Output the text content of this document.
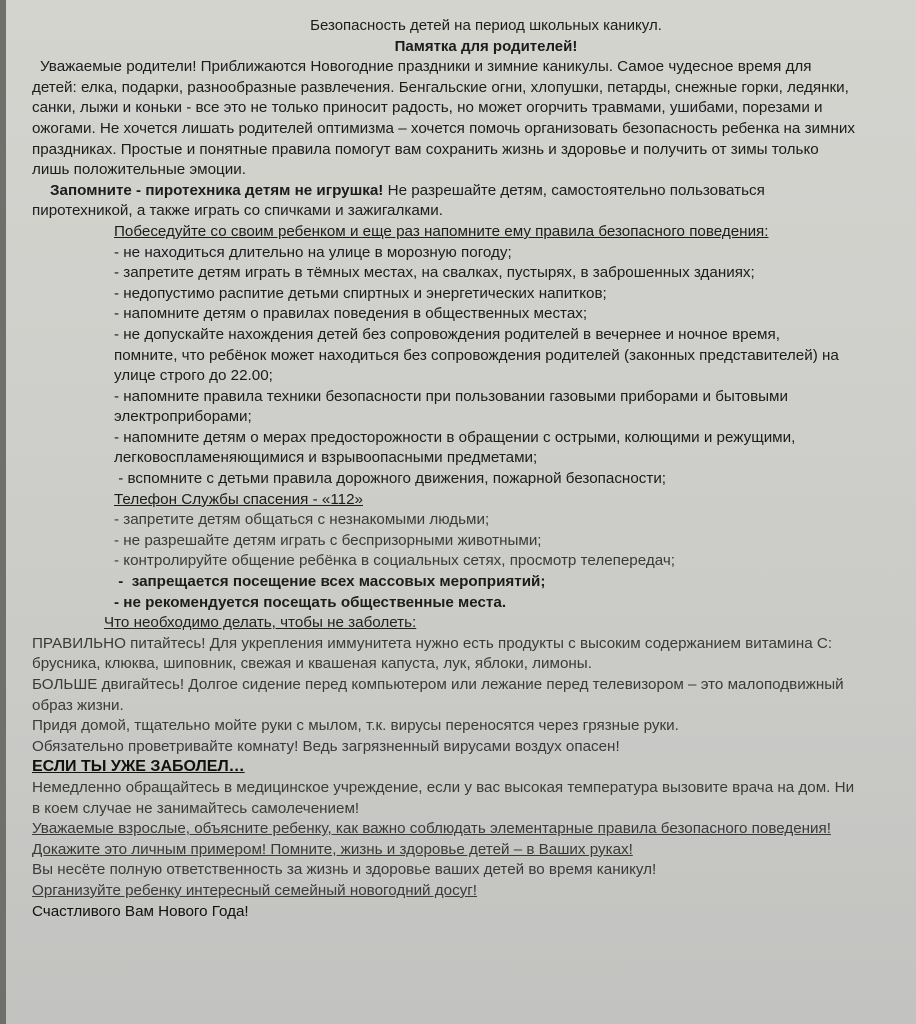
Безопасность детей на период школьных каникул.

Памятка для родителей!

Уважаемые родители! Приближаются Новогодние праздники и зимние каникулы. Самое чудесное время для детей: елка, подарки, разнообразные развлечения. Бенгальские огни, хлопушки, петарды, снежные горки, ледянки, санки, лыжи и коньки - все это не только приносит радость, но может огорчить травмами, ушибами, порезами и ожогами. Не хочется лишать родителей оптимизма – хочется помочь организовать безопасность ребенка на зимних праздниках. Простые и понятные правила помогут вам сохранить жизнь и здоровье и получить от зимы только лишь положительные эмоции.

Запомните - пиротехника детям не игрушка! Не разрешайте детям, самостоятельно пользоваться пиротехникой, а также играть со спичками и зажигалками.

Побеседуйте со своим ребенком и еще раз напомните ему правила безопасного поведения:

- не находиться длительно на улице в морозную погоду;

- запретите детям играть в тёмных местах, на свалках, пустырях, в заброшенных зданиях;

- недопустимо распитие детьми спиртных и энергетических напитков;

- напомните детям о правилах поведения в общественных местах;

- не допускайте нахождения детей без сопровождения родителей в вечернее и ночное время, помните, что ребёнок может находиться без сопровождения родителей (законных представителей) на улице строго до 22.00;

- напомните правила техники безопасности при пользовании газовыми приборами и бытовыми электроприборами;

- напомните детям о мерах предосторожности в обращении с острыми, колющими и режущими, легковоспламеняющимися и взрывоопасными предметами;

- вспомните с детьми правила дорожного движения, пожарной безопасности;

Телефон Службы спасения - «112»

- запретите детям общаться с незнакомыми людьми;

- не разрешайте детям играть с беспризорными животными;

- контролируйте общение ребёнка в социальных сетях, просмотр телепередач;

-  запрещается посещение всех массовых мероприятий;

- не рекомендуется посещать общественные места.

Что необходимо делать, чтобы не заболеть:

ПРАВИЛЬНО питайтесь! Для укрепления иммунитета нужно есть продукты с высоким содержанием витамина С: брусника, клюква, шиповник, свежая и квашеная капуста, лук, яблоки, лимоны.

БОЛЬШЕ двигайтесь! Долгое сидение перед компьютером или лежание перед телевизором – это малоподвижный образ жизни.

Придя домой, тщательно мойте руки с мылом, т.к. вирусы переносятся через грязные руки.

Обязательно проветривайте комнату! Ведь загрязненный вирусами воздух опасен!

ЕСЛИ ТЫ УЖЕ ЗАБОЛЕЛ…

Немедленно обращайтесь в медицинское учреждение, если у вас высокая температура вызовите врача на дом. Ни в коем случае не занимайтесь самолечением!

Уважаемые взрослые, объясните ребенку, как важно соблюдать элементарные правила безопасного поведения! Докажите это личным примером! Помните, жизнь и здоровье детей – в Ваших руках!

Вы несёте полную ответственность за жизнь и здоровье ваших детей во время каникул!

Организуйте ребенку интересный семейный новогодний досуг!

Счастливого Вам Нового Года!
